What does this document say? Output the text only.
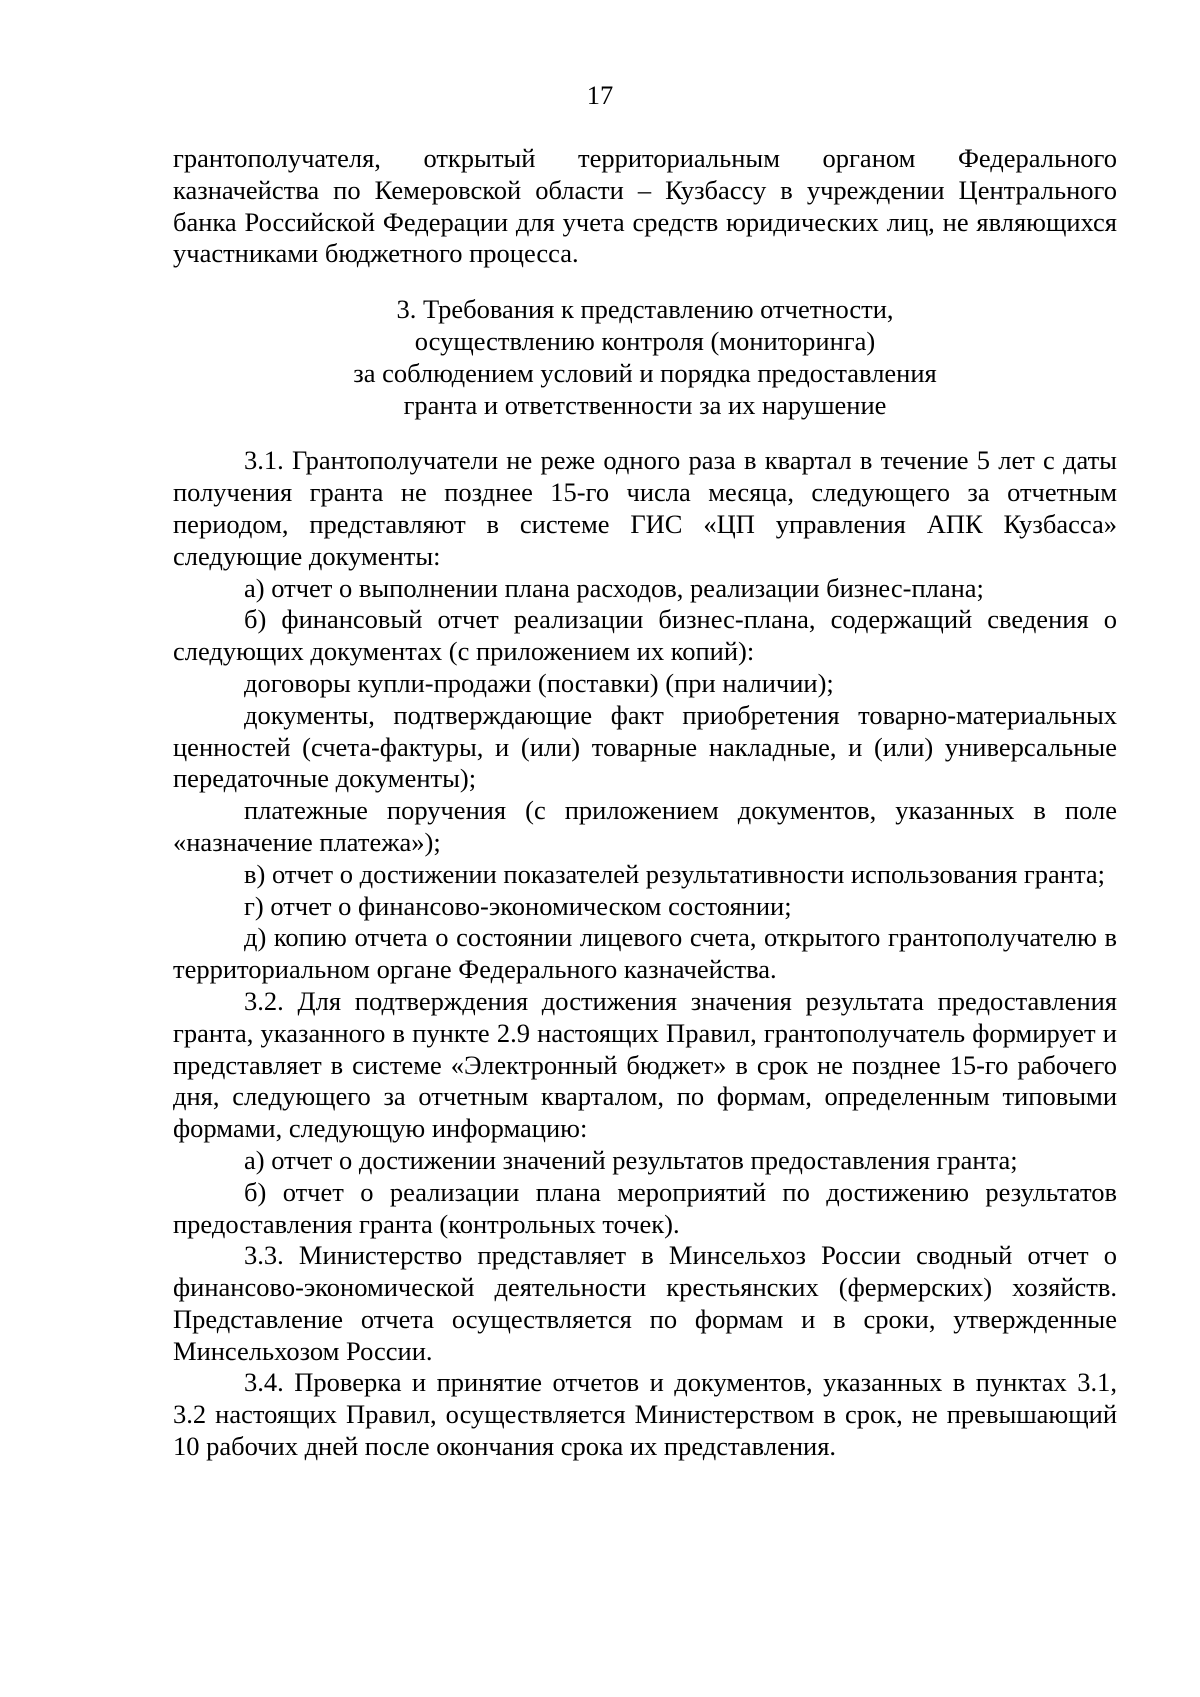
17

грантополучателя, открытый территориальным органом Федерального казначейства по Кемеровской области – Кузбассу в учреждении Центрального банка Российской Федерации для учета средств юридических лиц, не являющихся участниками бюджетного процесса.

3. Требования к представлению отчетности,
осуществлению контроля (мониторинга)
за соблюдением условий и порядка предоставления
гранта и ответственности за их нарушение

3.1. Грантополучатели не реже одного раза в квартал в течение 5 лет с даты получения гранта не позднее 15-го числа месяца, следующего за отчетным периодом, представляют в системе ГИС «ЦП управления АПК Кузбасса» следующие документы:

а) отчет о выполнении плана расходов, реализации бизнес-плана;

б) финансовый отчет реализации бизнес-плана, содержащий сведения о следующих документах (с приложением их копий):

договоры купли-продажи (поставки) (при наличии);

документы, подтверждающие факт приобретения товарно-материальных ценностей (счета-фактуры, и (или) товарные накладные, и (или) универсальные передаточные документы);

платежные поручения (с приложением документов, указанных в поле «назначение платежа»);

в) отчет о достижении показателей результативности использования гранта;

г) отчет о финансово-экономическом состоянии;

д) копию отчета о состоянии лицевого счета, открытого грантополучателю в территориальном органе Федерального казначейства.

3.2. Для подтверждения достижения значения результата предоставления гранта, указанного в пункте 2.9 настоящих Правил, грантополучатель формирует и представляет в системе «Электронный бюджет» в срок не позднее 15-го рабочего дня, следующего за отчетным кварталом, по формам, определенным типовыми формами, следующую информацию:

а) отчет о достижении значений результатов предоставления гранта;

б) отчет о реализации плана мероприятий по достижению результатов предоставления гранта (контрольных точек).

3.3. Министерство представляет в Минсельхоз России сводный отчет о финансово-экономической деятельности крестьянских (фермерских) хозяйств. Представление отчета осуществляется по формам и в сроки, утвержденные Минсельхозом России.

3.4. Проверка и принятие отчетов и документов, указанных в пунктах 3.1, 3.2 настоящих Правил, осуществляется Министерством в срок, не превышающий 10 рабочих дней после окончания срока их представления.
